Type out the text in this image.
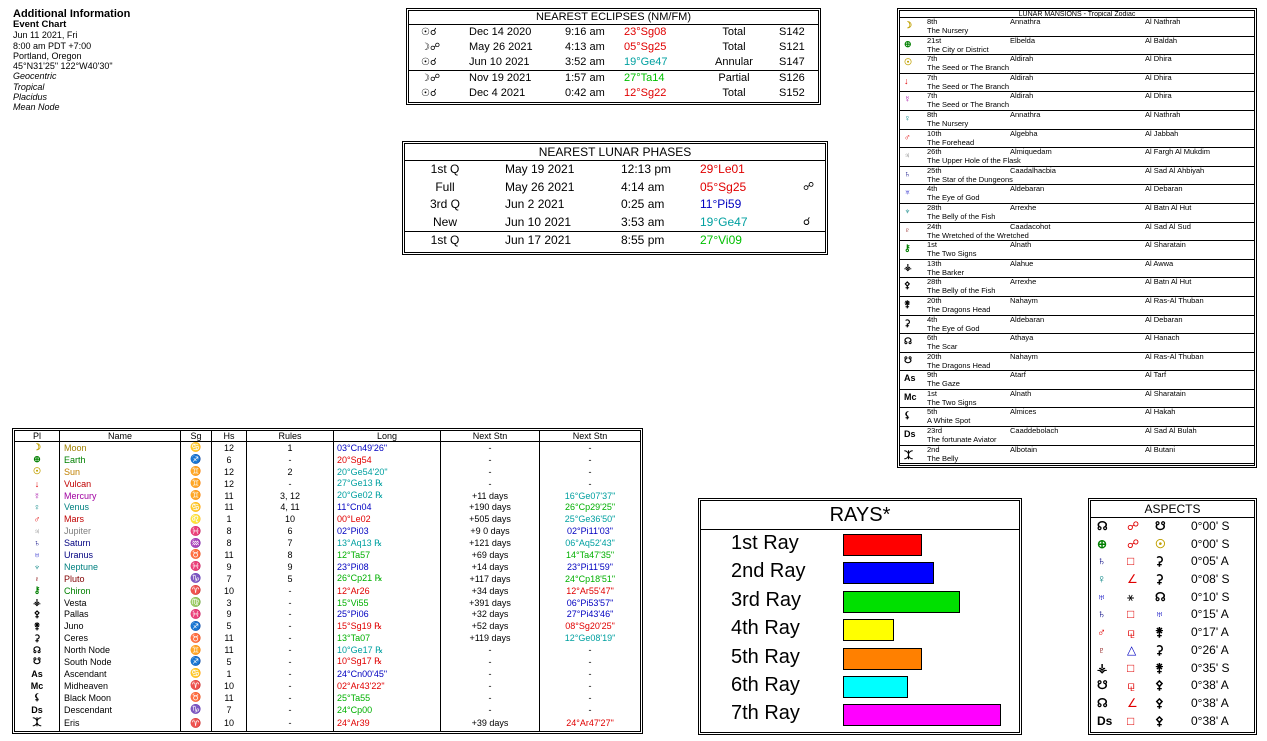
Additional Information
Event Chart
Jun 11 2021, Fri
8:00 am PDT +7:00
Portland, Oregon
45°N31'25" 122°W40'30"
Geocentric
Tropical
Placidus
Mean Node
NEAREST ECLIPSES (NM/FM)
☉☌	Dec 14 2020	9:16 am 23°Sg08	Total	S142
☽☍	May 26 2021	4:13 am 05°Sg25	Total	S121
☉☌	Jun 10 2021	3:52 am 19°Ge47	Annular S147
☽☍	Nov 19 2021	1:57 am 27°Ta14	Partial	S126
☉☌	Dec 4 2021	0:42 am 12°Sg22	Total	S152
NEAREST LUNAR PHASES
1st Q	May 19 2021	12:13 pm 29°Le01
Full	May 26 2021	4:14 am	05°Sg25	☍
3rd Q	Jun 2 2021	0:25 am	11°Pi59
New	Jun 10 2021	3:53 am	19°Ge47	☌
1st Q	Jun 17 2021	8:55 pm	27°Vi09
LUNAR MANSIONS - Tropical Zodiac
☽ 8th	Annathra	Al Nathrah
The Nursery
⊕ 21st	Elbelda	Al Baldah
The City or District
☉ 7th	Aldirah	Al Dhira
The Seed or The Branch
↓ 7th	Aldirah	Al Dhira
The Seed or The Branch
☿ 7th	Aldirah	Al Dhira
The Seed or The Branch
♀ 8th	Annathra	Al Nathrah
The Nursery
♂ 10th	Algebha	Al Jabbah
The Forehead
♃ 26th	Almiquedam	Al Fargh Al Mukdim
The Upper Hole of the Flask
♄ 25th	Caadalhacbia	Al Sad Al Ahbiyah
The Star of the Dungeons
♅ 4th	Aldebaran	Al Debaran
The Eye of God
♆ 28th	Arrexhe	Al Batn Al Hut
The Belly of the Fish
♇ 24th	Caadacohot	Al Sad Al Sud
The Wretched of the Wretched
⚷ 1st	Alnath	Al Sharatain
The Two Signs
⚶ 13th	Alahue	Al Awwa
The Barker
⚴ 28th	Arrexhe	Al Batn Al Hut
The Belly of the Fish
⚵ 20th	Nahaym	Al Ras-Al Thuban
The Dragons Head
⚳ 4th	Aldebaran	Al Debaran
The Eye of God
☊ 6th	Athaya	Al Hanach
The Scar
☋ 20th	Nahaym	Al Ras-Al Thuban
The Dragons Head
As 9th	Atarf	Al Tarf
The Gaze
Mc 1st	Alnath	Al Sharatain
The Two Signs
⚸ 5th	Almices	Al Hakah
A White Spot
Ds 23rd	Caaddebolach	Al Sad Al Bulah
The fortunate Aviator
⯰
2nd	Albotain	Al Butani
The Belly
Pl	Name	Sg	Hs	Rules	Long	Next Stn	Next Stn
☽	Moon	♋	12	1	03°Cn49'26"	-	-
⊕	Earth	♐	6	-	20°Sg54	-	-
☉	Sun	♊	12	2	20°Ge54'20"	-	-
↓	Vulcan	♊	12	-	27°Ge13 ℞	-	-
☿	Mercury	♊	11	3, 12	20°Ge02 ℞	+11 days	16°Ge07'37"
♀	Venus	♋	11	4, 11	11°Cn04	+190 days	26°Cp29'25"
♂	Mars	♌	1	10	00°Le02	+505 days	25°Ge36'50"
♃	Jupiter	♓	8	6	02°Pi03	+9 0 days	02°Pi11'03"
♄	Saturn	♒	8	7	13°Aq13 ℞	+121 days	06°Aq52'43"
♅	Uranus	♉	11	8	12°Ta57	+69 days	14°Ta47'35"
♆	Neptune	♓	9	9	23°Pi08	+14 days	23°Pi11'59"
♇	Pluto	♑	7	5	26°Cp21 ℞	+117 days	24°Cp18'51"
⚷	Chiron	♈	10	-	12°Ar26	+34 days	12°Ar55'47"
⚶	Vesta	♍	3	-	15°Vi55	+391 days	06°Pi53'57"
⚴	Pallas	♓	9	-	25°Pi06	+32 days	27°Pi43'46"
⚵	Juno	♐	5	-	15°Sg19 ℞	+52 days	08°Sg20'25"
⚳	Ceres	♉	11	-	13°Ta07	+119 days	12°Ge08'19"
☊	North Node	♊	11	-	10°Ge17 ℞	-	-
☋	South Node	♐	5	-	10°Sg17 ℞	-	-
As	Ascendant	♋	1	-	24°Cn00'45"	-	-
Mc	Midheaven	♈	10	-	02°Ar43'22"	-	-
⚸	Black Moon	♉	11	-	25°Ta55	-	-
Ds	Descendant	♑	7	-	24°Cp00	-	-
⯰	Eris	♈	10	-	24°Ar39	+39 days	24°Ar47'27"
RAYS*
1st Ray
2nd Ray
3rd Ray
4th Ray
5th Ray
6th Ray
7th Ray
ASPECTS
☊ ☍ ☋ 0°00' S
⊕ ☍ ☉ 0°00' S
♄ □ ⚳ 0°05' A
♀ ∠ ⚳ 0°08' S
♅ ⚹ ☊ 0°10' S
♄ □ ♅ 0°15' A
♂ ⚼ ⚵ 0°17' A
♇ △ ⚳ 0°26' A
⚶ □ ⚵ 0°35' S
☋ ⚼ ⚴ 0°38' A
☊ ∠ ⚴ 0°38' A
Ds □ ⚴ 0°38' A
